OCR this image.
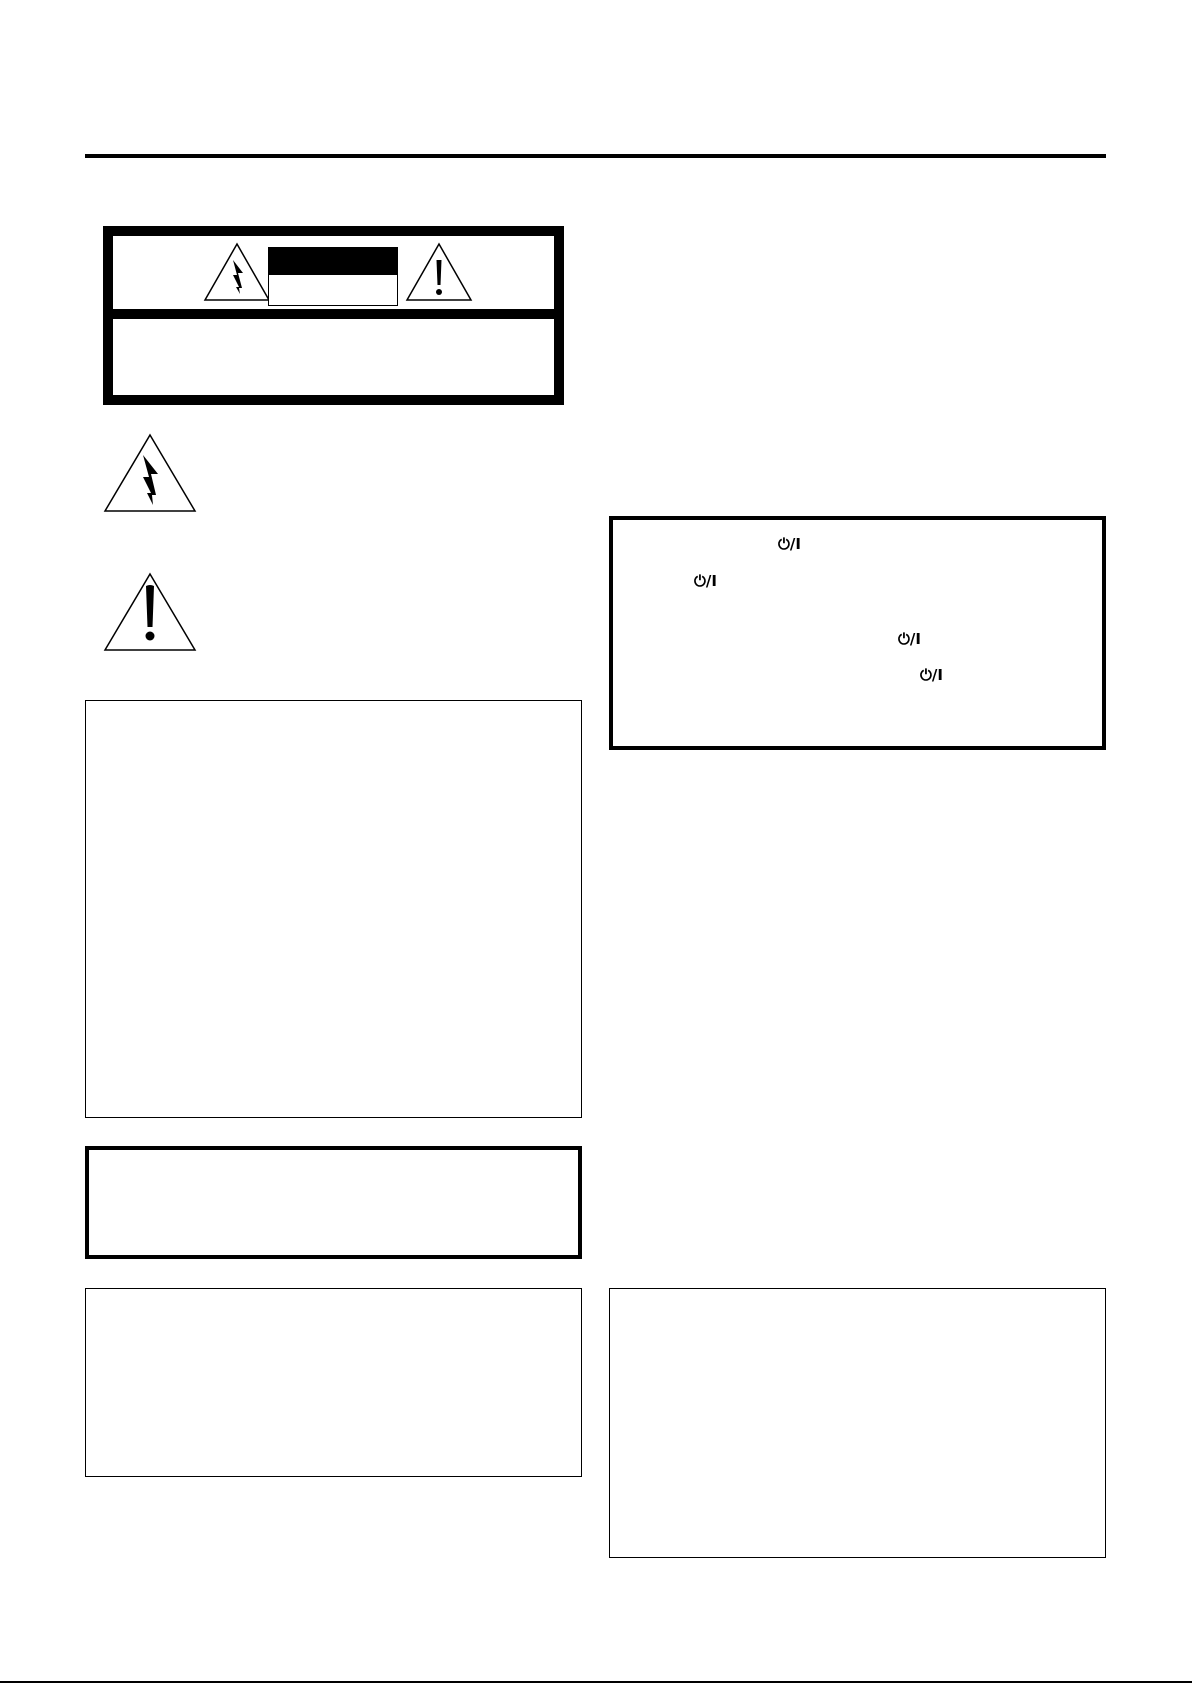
⏻/I
⏻/I
⏻/I
⏻/I
